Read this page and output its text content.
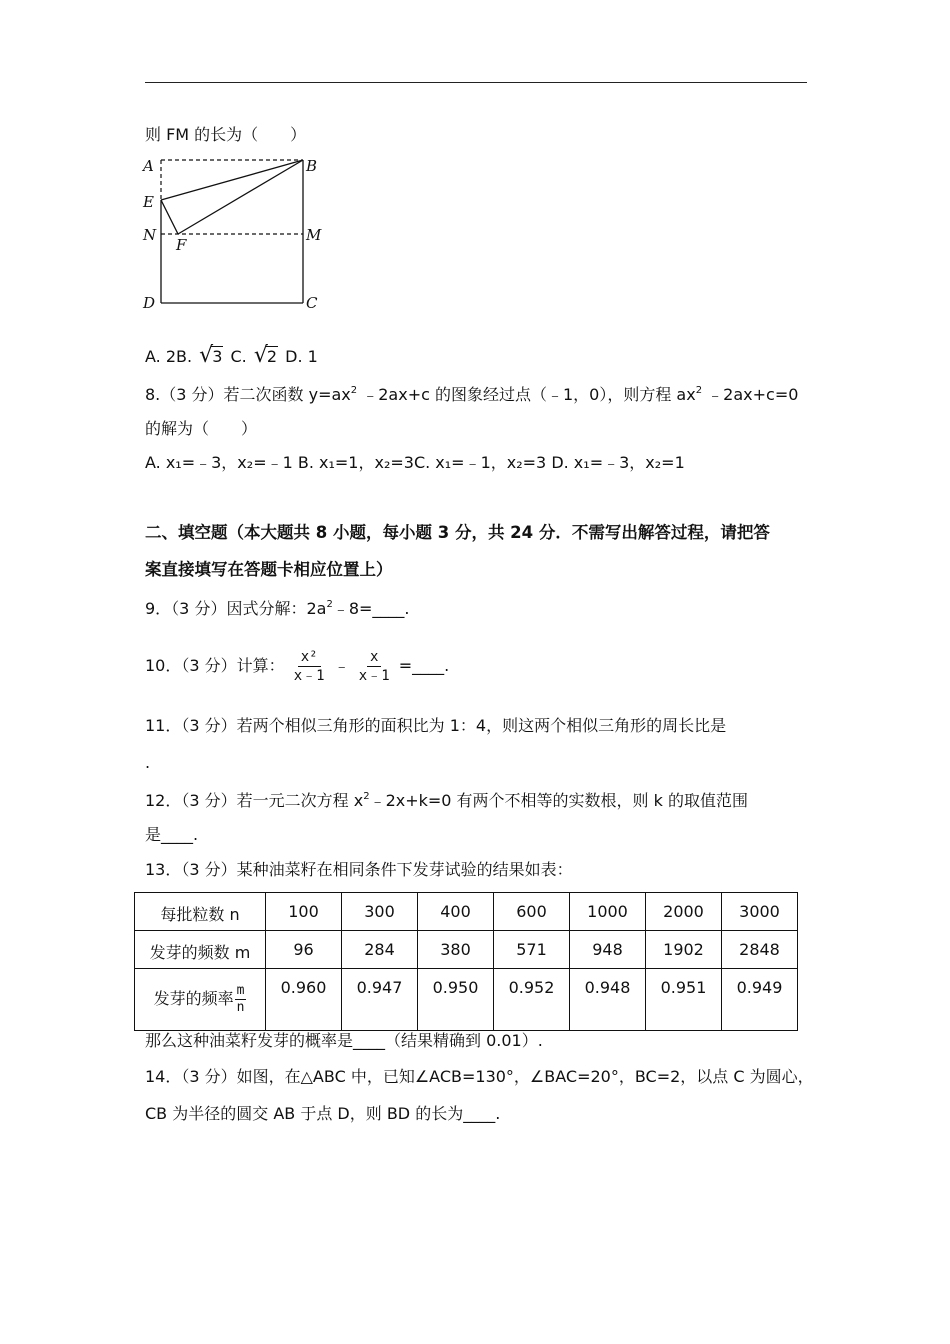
则 FM 的长为（　　）
A	B
E
N
F
M
D	C
A. 2B. √3 C. √2 D. 1
8.（3 分）若二次函数 $y=ax^2$ ﹣2ax+c 的图象经过点（﹣1，0），则方程 $ax^2$ ﹣2ax+c=0
的解为（　　）
A. x₁=﹣3，x₂=﹣1 B. x₁=1，x₂=3C. x₁=﹣1，x₂=3 D. x₁=﹣3，x₂=1
二、填空题（本大题共 8 小题，每小题 3 分，共 24 分．不需写出解答过程，请把答
案直接填写在答题卡相应位置上）
9．（3 分）因式分解：$2a^2﹣8=\_\_\_\_$.
10．（3 分）计算： $\frac{\text{x²}}{x﹣1}$ ﹣ $\frac{x}{x﹣1}$ =____.
11．（3 分）若两个相似三角形的面积比为 1：4，则这两个相似三角形的周长比是
.
12．（3 分）若一元二次方程 $x^2﹣2x+k=0$ 有两个不相等的实数根，则 k 的取值范围
是____.
13．（3 分）某种油菜籽在相同条件下发芽试验的结果如表：
每批粒数 n	100	300	400	600	1000	2000	3000
发芽的频数 m	96	284	380	571	948	1902	2848
发芽的频率 $\frac{m}{n}$	0.960	0.947	0.950	0.952	0.948	0.951	0.949
那么这种油菜籽发芽的概率是____（结果精确到 0.01）.
14．（3 分）如图，在△ABC 中，已知∠ACB=130°，∠BAC=20°，BC=2，以点 C 为圆心，
CB 为半径的圆交 AB 于点 D，则 BD 的长为____.
